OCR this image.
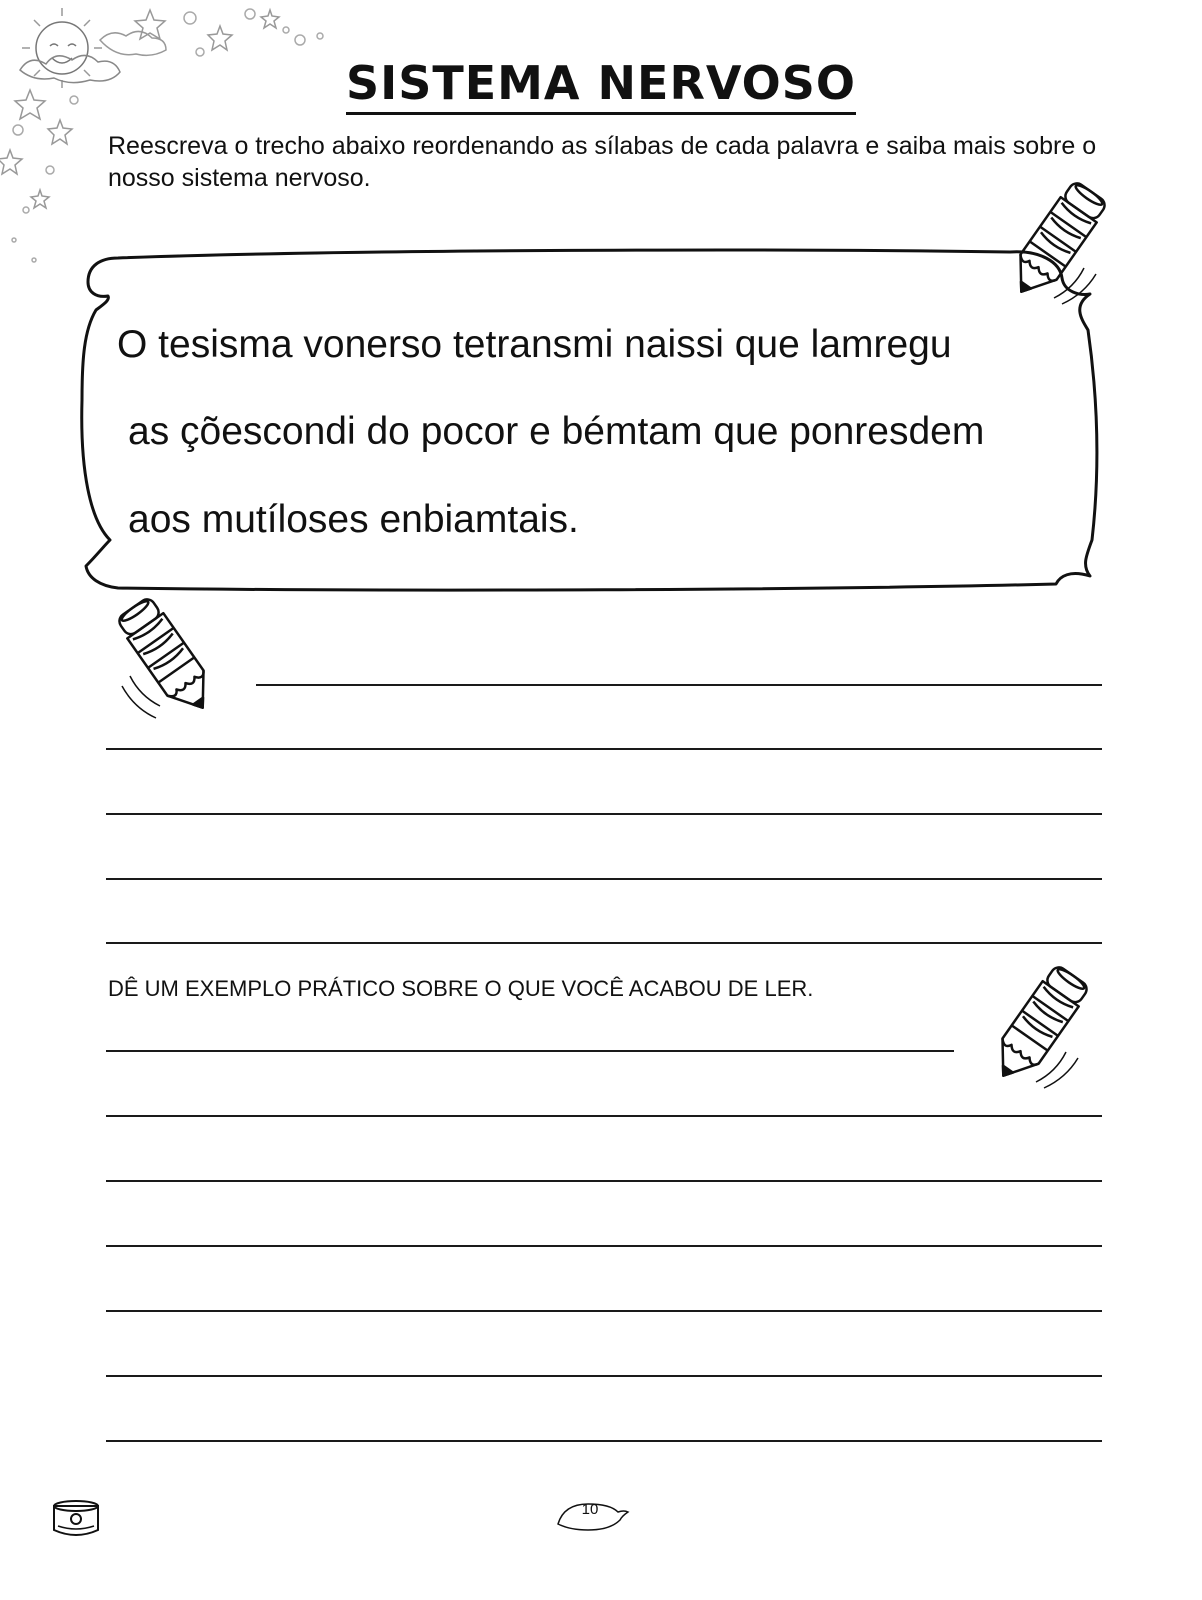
SISTEMA NERVOSO
Reescreva o trecho abaixo reordenando as sílabas de cada palavra e saiba mais sobre o nosso sistema nervoso.
O tesisma vonerso tetransmi naissi que lamregu
as çõescondi do pocor e bémtam que ponresdem
aos mutíloses enbiamtais.
DÊ UM EXEMPLO PRÁTICO SOBRE O QUE VOCÊ ACABOU DE LER.
10
